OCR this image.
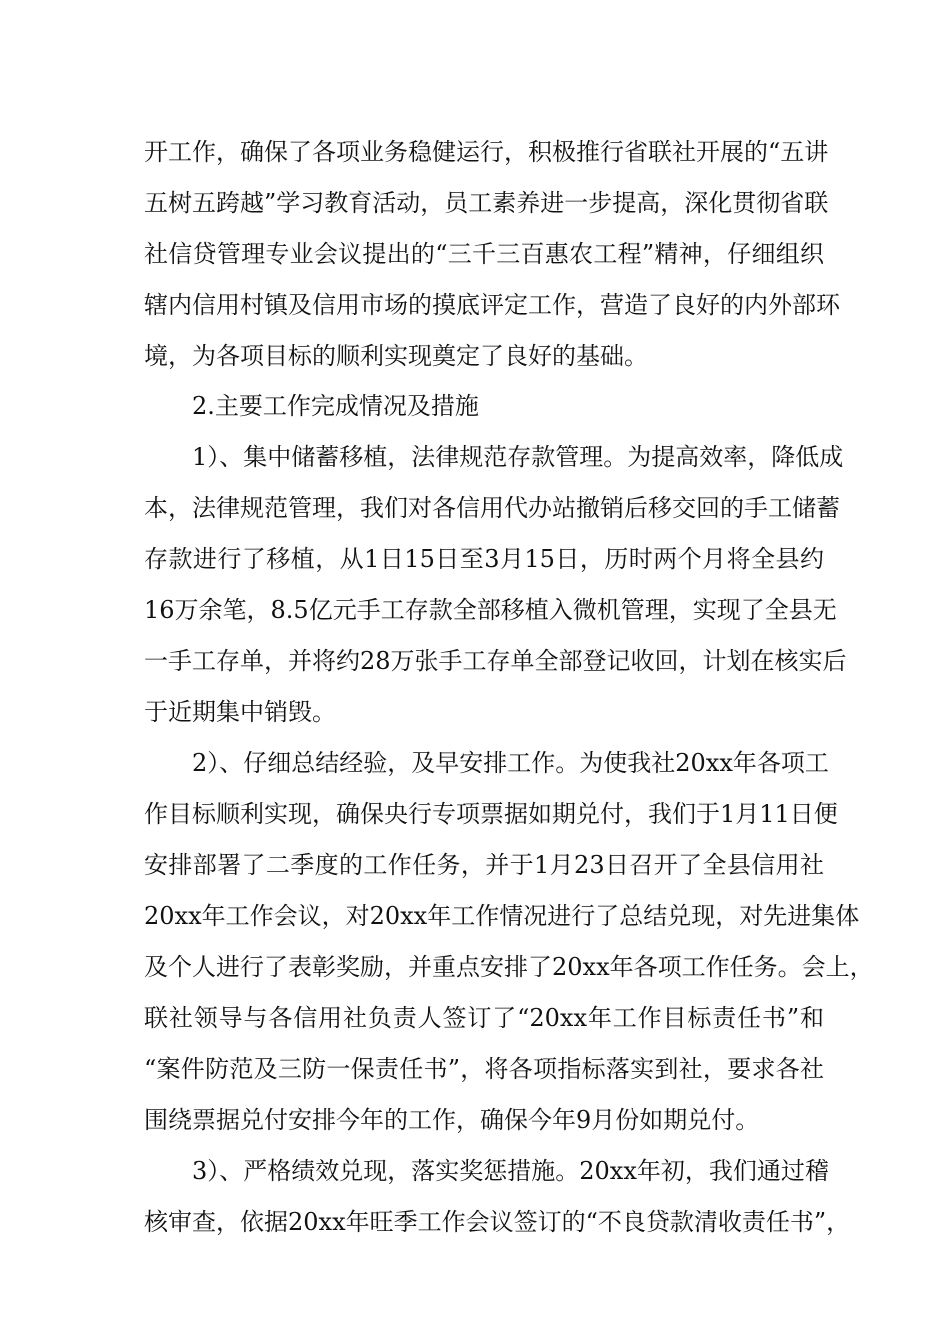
开工作，确保了各项业务稳健运行，积极推行省联社开展的“五讲
五树五跨越”学习教育活动，员工素养进一步提高，深化贯彻省联
社信贷管理专业会议提出的“三千三百惠农工程”精神，仔细组织
辖内信用村镇及信用市场的摸底评定工作，营造了良好的内外部环
境，为各项目标的顺利实现奠定了良好的基础。
2.主要工作完成情况及措施
1）、集中储蓄移植，法律规范存款管理。为提高效率，降低成
本，法律规范管理，我们对各信用代办站撤销后移交回的手工储蓄
存款进行了移植，从1日15日至3月15日，历时两个月将全县约
16万余笔，8.5亿元手工存款全部移植入微机管理，实现了全县无
一手工存单，并将约28万张手工存单全部登记收回，计划在核实后
于近期集中销毁。
2）、仔细总结经验，及早安排工作。为使我社20xx年各项工
作目标顺利实现，确保央行专项票据如期兑付，我们于1月11日便
安排部署了二季度的工作任务，并于1月23日召开了全县信用社
20xx年工作会议，对20xx年工作情况进行了总结兑现，对先进集体
及个人进行了表彰奖励，并重点安排了20xx年各项工作任务。会上，
联社领导与各信用社负责人签订了“20xx年工作目标责任书”和
“案件防范及三防一保责任书”，将各项指标落实到社，要求各社
围绕票据兑付安排今年的工作，确保今年9月份如期兑付。
3）、严格绩效兑现，落实奖惩措施。20xx年初，我们通过稽
核审查，依据20xx年旺季工作会议签订的“不良贷款清收责任书”，
